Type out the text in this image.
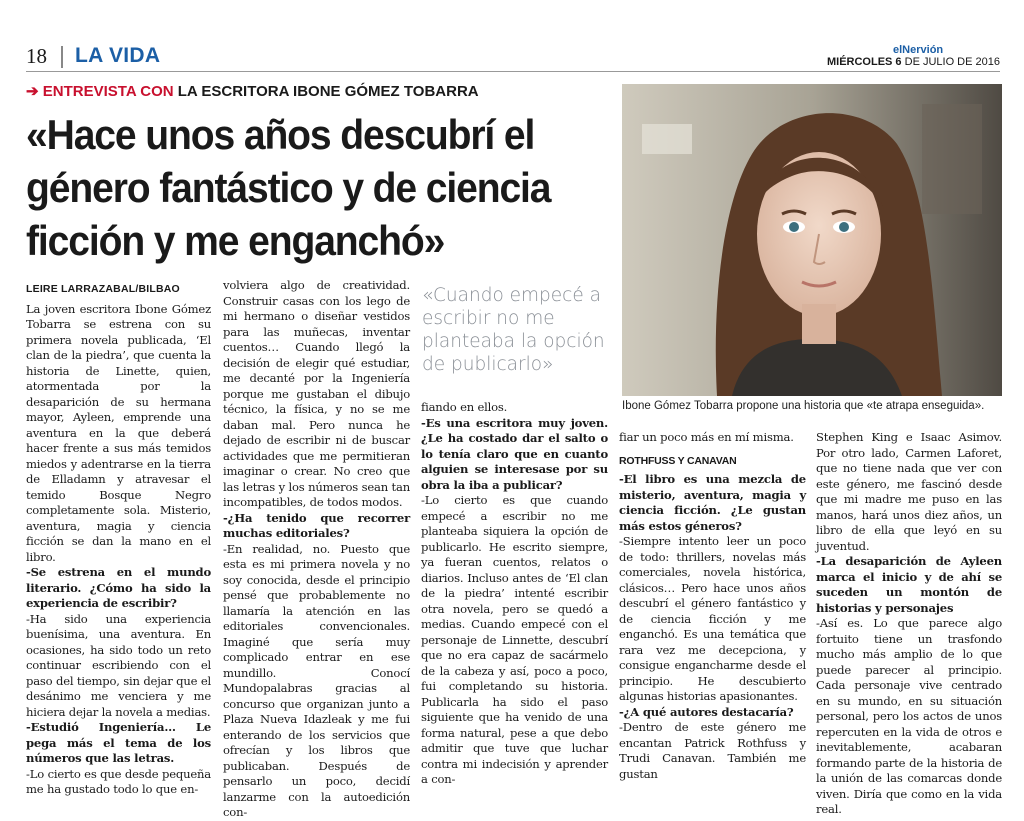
18 LA VIDA	elNervión
MIÉRCOLES 6 DE JULIO DE 2016
➔ ENTREVISTA CON LA ESCRITORA IBONE GÓMEZ TOBARRA
«Hace unos años descubrí el género fantástico y de ciencia ficción y me enganchó»
Ibone Gómez Tobarra propone una historia que «te atrapa enseguida».
«Cuando empecé a escribir no me planteaba la opción de publicarlo»
LEIRE LARRAZABAL/BILBAO

La joven escritora Ibone Gómez Tobarra se estrena con su primera novela publicada, ‘El clan de la piedra’, que cuenta la historia de Linette, quien, atormentada por la desaparición de su hermana mayor, Ayleen, emprende una aventura en la que deberá hacer frente a sus más temidos miedos y adentrarse en la tierra de Elladamn y atravesar el temido Bosque Negro completamente sola. Misterio, aventura, magia y ciencia ficción se dan la mano en el libro.

-Se estrena en el mundo literario. ¿Cómo ha sido la experiencia de escribir?

-Ha sido una experiencia buenísima, una aventura. En ocasiones, ha sido todo un reto continuar escribiendo con el paso del tiempo, sin dejar que el desánimo me venciera y me hiciera dejar la novela a medias.

-Estudió Ingeniería… Le pega más el tema de los números que las letras.

-Lo cierto es que desde pequeña me ha gustado todo lo que en-

volviera algo de creatividad. Construir casas con los lego de mi hermano o diseñar vestidos para las muñecas, inventar cuentos… Cuando llegó la decisión de elegir qué estudiar, me decanté por la Ingeniería porque me gustaban el dibujo técnico, la física, y no se me daban mal. Pero nunca he dejado de escribir ni de buscar actividades que me permitieran imaginar o crear. No creo que las letras y los números sean tan incompatibles, de todos modos.

-¿Ha tenido que recorrer muchas editoriales?

-En realidad, no. Puesto que esta es mi primera novela y no soy conocida, desde el principio pensé que probablemente no llamaría la atención en las editoriales convencionales. Imaginé que sería muy complicado entrar en ese mundillo. Conocí Mundopalabras gracias al concurso que organizan junto a Plaza Nueva Idazleak y me fui enterando de los servicios que ofrecían y los libros que publicaban. Después de pensarlo un poco, decidí lanzarme con la autoedición con-

fiando en ellos.

-Es una escritora muy joven. ¿Le ha costado dar el salto o lo tenía claro que en cuanto alguien se interesase por su obra la iba a publicar?

-Lo cierto es que cuando empecé a escribir no me planteaba siquiera la opción de publicarlo. He escrito siempre, ya fueran cuentos, relatos o diarios. Incluso antes de ‘El clan de la piedra’ intenté escribir otra novela, pero se quedó a medias. Cuando empecé con el personaje de Linnette, descubrí que no era capaz de sacármelo de la cabeza y así, poco a poco, fui completando su historia. Publicarla ha sido el paso siguiente que ha venido de una forma natural, pese a que debo admitir que tuve que luchar contra mi indecisión y aprender a con-

fiar un poco más en mí misma.

ROTHFUSS Y CANAVAN

-El libro es una mezcla de misterio, aventura, magia y ciencia ficción. ¿Le gustan más estos géneros?

-Siempre intento leer un poco de todo: thrillers, novelas más comerciales, novela histórica, clásicos… Pero hace unos años descubrí el género fantástico y de ciencia ficción y me enganchó. Es una temática que rara vez me decepciona, y consigue engancharme desde el principio. He descubierto algunas historias apasionantes.

-¿A qué autores destacaría?

-Dentro de este género me encantan Patrick Rothfuss y Trudi Canavan. También me gustan

Stephen King e Isaac Asimov. Por otro lado, Carmen Laforet, que no tiene nada que ver con este género, me fascinó desde que mi madre me puso en las manos, hará unos diez años, un libro de ella que leyó en su juventud.

-La desaparición de Ayleen marca el inicio y de ahí se suceden un montón de historias y personajes

-Así es. Lo que parece algo fortuito tiene un trasfondo mucho más amplio de lo que puede parecer al principio. Cada personaje vive centrado en su mundo, en su situación personal, pero los actos de unos repercuten en la vida de otros e inevitablemente, acabaran formando parte de la historia de la unión de las comarcas donde viven. Diría que como en la vida real.
